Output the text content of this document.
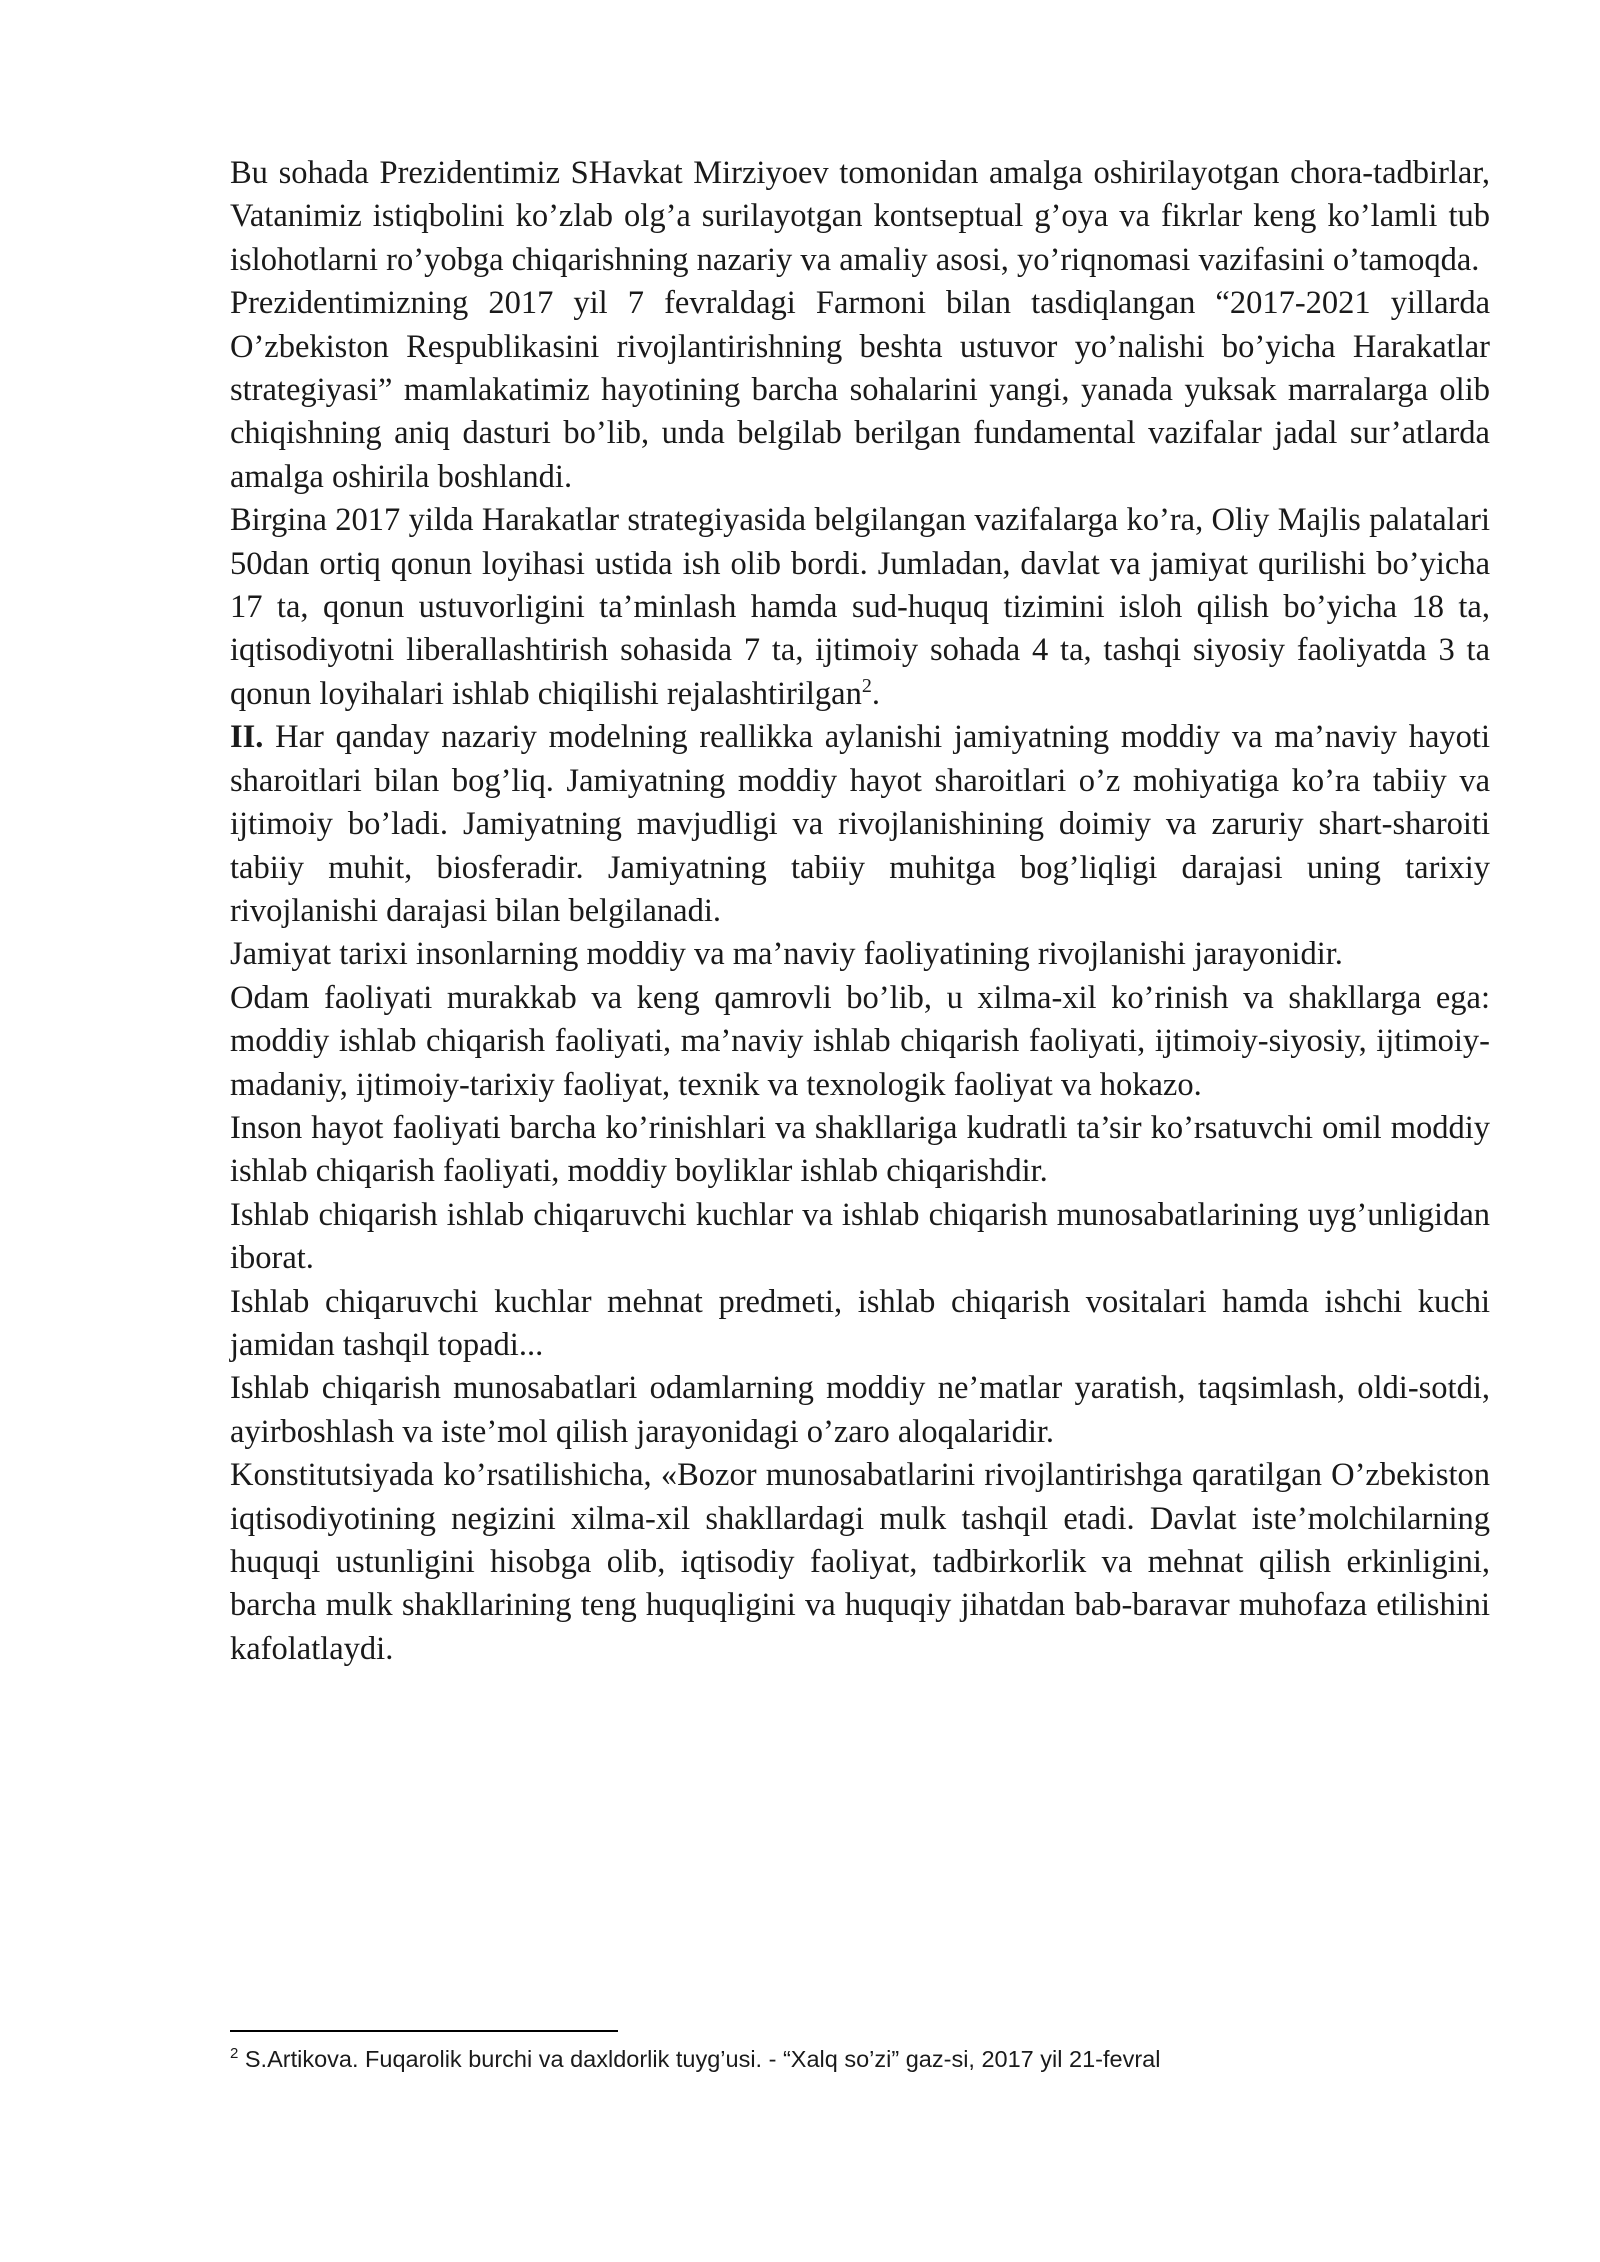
Bu sohada Prezidentimiz SHavkat Mirziyoev tomonidan amalga oshirilayotgan chora-tadbirlar, Vatanimiz istiqbolini ko’zlab olg’a surilayotgan kontseptual g’oya va fikrlar keng ko’lamli tub islohotlarni ro’yobga chiqarishning nazariy va amaliy asosi, yo’riqnomasi vazifasini o’tamoqda.

Prezidentimizning 2017 yil 7 fevraldagi Farmoni bilan tasdiqlangan “2017-2021 yillarda O’zbekiston Respublikasini rivojlantirishning beshta ustuvor yo’nalishi bo’yicha Harakatlar strategiyasi” mamlakatimiz hayotining barcha sohalarini yangi, yanada yuksak marralarga olib chiqishning aniq dasturi bo’lib, unda belgilab berilgan fundamental vazifalar jadal sur’atlarda amalga oshirila boshlandi.

Birgina 2017 yilda Harakatlar strategiyasida belgilangan vazifalarga ko’ra, Oliy Majlis palatalari 50dan ortiq qonun loyihasi ustida ish olib bordi. Jumladan, davlat va jamiyat qurilishi bo’yicha 17 ta, qonun ustuvorligini ta’minlash hamda sud-huquq tizimini isloh qilish bo’yicha 18 ta, iqtisodiyotni liberallashtirish sohasida 7 ta, ijtimoiy sohada 4 ta, tashqi siyosiy faoliyatda 3 ta qonun loyihalari ishlab chiqilishi rejalashtirilgan$^2$.

II. Har qanday nazariy modelning reallikka aylanishi jamiyatning moddiy va ma’naviy hayoti sharoitlari bilan bog’liq. Jamiyatning moddiy hayot sharoitlari o’z mohiyatiga ko’ra tabiiy va ijtimoiy bo’ladi. Jamiyatning mavjudligi va rivojlanishining doimiy va zaruriy shart-sharoiti tabiiy muhit, biosferadir. Jamiyatning tabiiy muhitga bog’liqligi darajasi uning tarixiy rivojlanishi darajasi bilan belgilanadi.

Jamiyat tarixi insonlarning moddiy va ma’naviy faoliyatining rivojlanishi jarayonidir.

Odam faoliyati murakkab va keng qamrovli bo’lib, u xilma-xil ko’rinish va shakllarga ega: moddiy ishlab chiqarish faoliyati, ma’naviy ishlab chiqarish faoliyati, ijtimoiy-siyosiy, ijtimoiy-madaniy, ijtimoiy-tarixiy faoliyat, texnik va texnologik faoliyat va hokazo.

Inson hayot faoliyati barcha ko’rinishlari va shakllariga kudratli ta’sir ko’rsatuvchi omil moddiy ishlab chiqarish faoliyati, moddiy boyliklar ishlab chiqarishdir.

Ishlab chiqarish ishlab chiqaruvchi kuchlar va ishlab chiqarish munosabatlarining uyg’unligidan iborat.

Ishlab chiqaruvchi kuchlar mehnat predmeti, ishlab chiqarish vositalari hamda ishchi kuchi jamidan tashqil topadi...

Ishlab chiqarish munosabatlari odamlarning moddiy ne’matlar yaratish, taqsimlash, oldi-sotdi, ayirboshlash va iste’mol qilish jarayonidagi o’zaro aloqalaridir.

Konstitutsiyada ko’rsatilishicha, «Bozor munosabatlarini rivojlantirishga qaratilgan O’zbekiston iqtisodiyotining negizini xilma-xil shakllardagi mulk tashqil etadi. Davlat iste’molchilarning huquqi ustunligini hisobga olib, iqtisodiy faoliyat, tadbirkorlik va mehnat qilish erkinligini, barcha mulk shakllarining teng huquqligini va huquqiy jihatdan bab-baravar muhofaza etilishini kafolatlaydi.

$^2$ S.Artikova. Fuqarolik burchi va daxldorlik tuyg’usi. - “Xalq so’zi” gaz-si, 2017 yil 21-fevral
